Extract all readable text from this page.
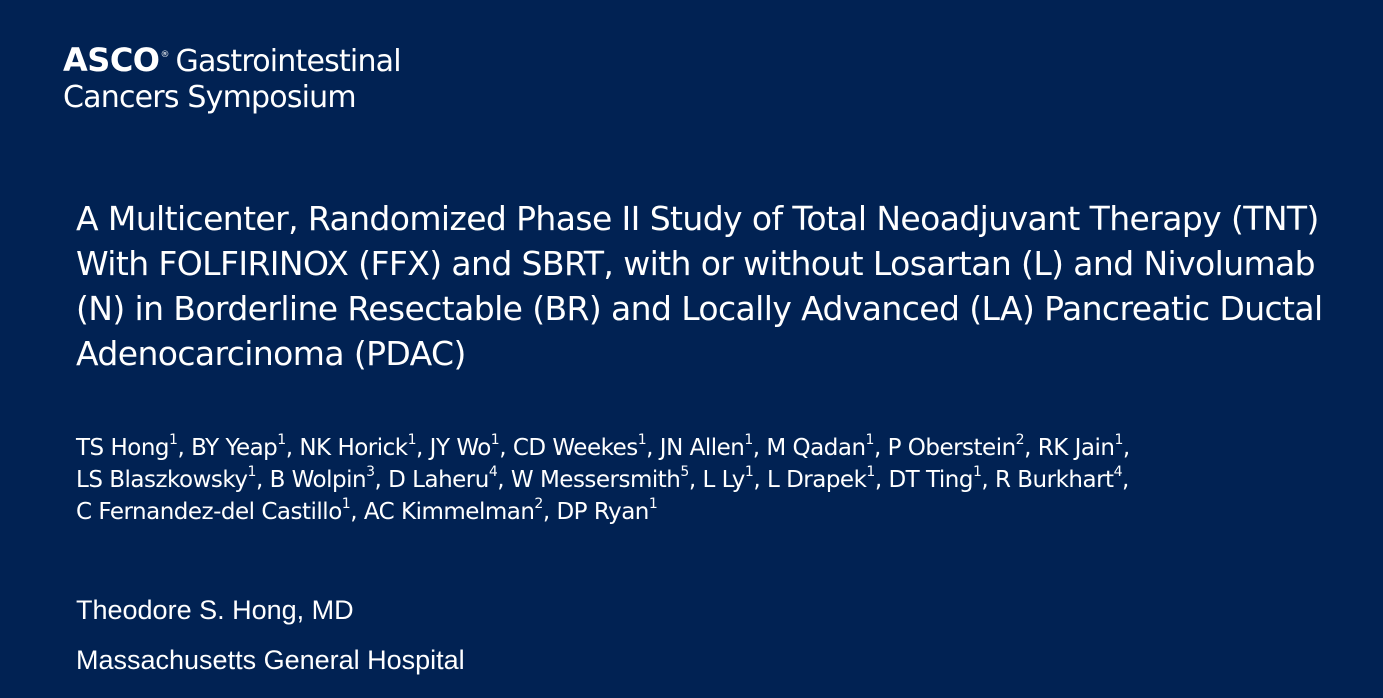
ASCO ® Gastrointestinal
Cancers Symposium
A Multicenter, Randomized Phase II Study of Total Neoadjuvant Therapy (TNT) With FOLFIRINOX (FFX) and SBRT, with or without Losartan (L) and Nivolumab (N) in Borderline Resectable (BR) and Locally Advanced (LA) Pancreatic Ductal Adenocarcinoma (PDAC)

TS Hong$^1$, BY Yeap$^1$, NK Horick$^1$, JY Wo$^1$, CD Weekes$^1$, JN Allen$^1$, M Qadan$^1$, P Oberstein$^2$, RK Jain$^1$,
LS Blaszkowsky$^1$, B Wolpin$^3$, D Laheru$^4$, W Messersmith$^5$, L Ly$^1$, L Drapek$^1$, DT Ting$^1$, R Burkhart$^4$,
C Fernandez-del Castillo$^1$, AC Kimmelman$^2$, DP Ryan$^1$

Theodore S. Hong, MD
Massachusetts General Hospital
